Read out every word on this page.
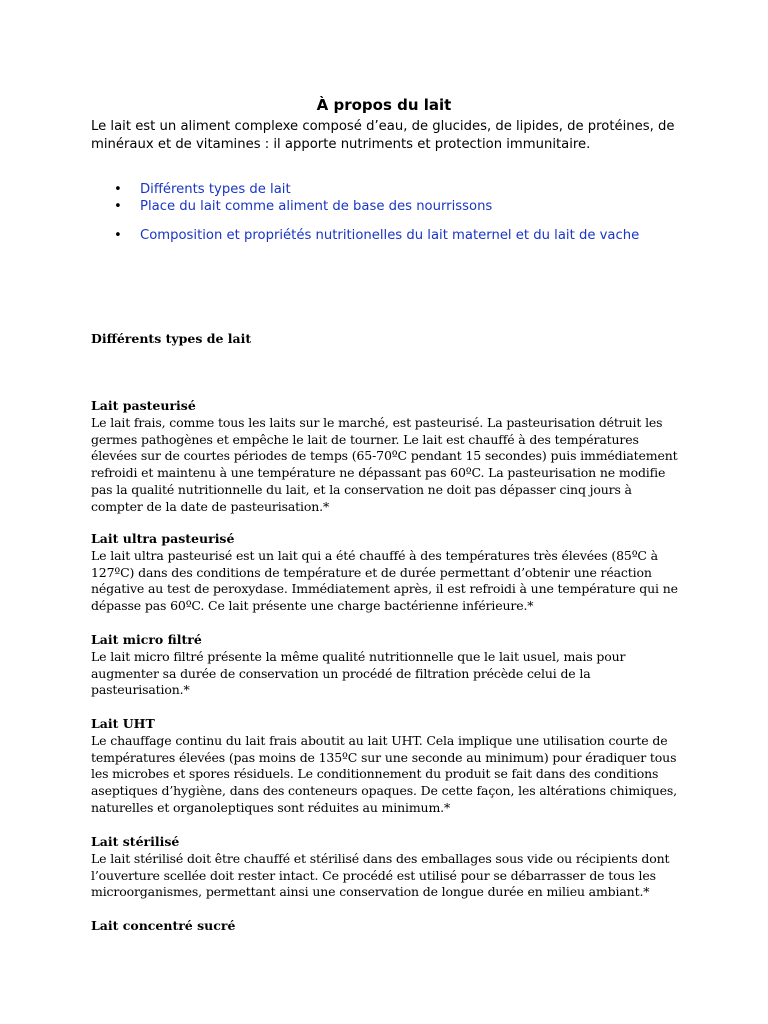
À propos du lait

Le lait est un aliment complexe composé d’eau, de glucides, de lipides, de protéines, de minéraux et de vitamines : il apporte nutriments et protection immunitaire.

• Différents types de lait
• Place du lait comme aliment de base des nourrissons
• Composition et propriétés nutritionelles du lait maternel et du lait de vache
Différents types de lait
Lait pasteurisé

Le lait frais, comme tous les laits sur le marché, est pasteurisé. La pasteurisation détruit les germes pathogènes et empêche le lait de tourner. Le lait est chauffé à des températures élevées sur de courtes périodes de temps (65-70ºC pendant 15 secondes) puis immédiatement refroidi et maintenu à une température ne dépassant pas 60ºC. La pasteurisation ne modifie pas la qualité nutritionnelle du lait, et la conservation ne doit pas dépasser cinq jours à compter de la date de pasteurisation.*

Lait ultra pasteurisé

Le lait ultra pasteurisé est un lait qui a été chauffé à des températures très élevées (85ºC à 127ºC) dans des conditions de température et de durée permettant d’obtenir une réaction négative au test de peroxydase. Immédiatement après, il est refroidi à une température qui ne dépasse pas 60ºC. Ce lait présente une charge bactérienne inférieure.*

Lait micro filtré

Le lait micro filtré présente la même qualité nutritionnelle que le lait usuel, mais pour augmenter sa durée de conservation un procédé de filtration précède celui de la pasteurisation.*

Lait UHT

Le chauffage continu du lait frais aboutit au lait UHT. Cela implique une utilisation courte de températures élevées (pas moins de 135ºC sur une seconde au minimum) pour éradiquer tous les microbes et spores résiduels. Le conditionnement du produit se fait dans des conditions aseptiques d’hygiène, dans des conteneurs opaques. De cette façon, les altérations chimiques, naturelles et organoleptiques sont réduites au minimum.*

Lait stérilisé

Le lait stérilisé doit être chauffé et stérilisé dans des emballages sous vide ou récipients dont l’ouverture scellée doit rester intact. Ce procédé est utilisé pour se débarrasser de tous les microorganismes, permettant ainsi une conservation de longue durée en milieu ambiant.*

Lait concentré sucré
